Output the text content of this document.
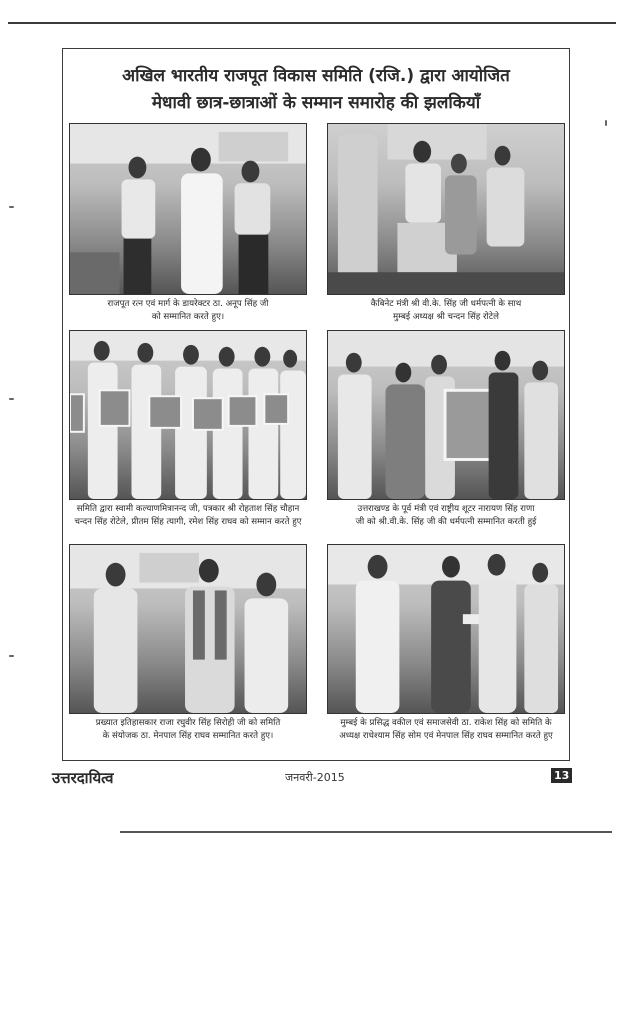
अखिल भारतीय राजपूत विकास समिति (रजि.) द्वारा आयोजित
मेधावी छात्र-छात्राओं के सम्मान समारोह की झलकियाँ
राजपूत रत्न एवं मार्ग के डायरेक्टर ठा. अनूप सिंह जी
को सम्मानित करते हुए।
कैबिनेट मंत्री श्री वी.के. सिंह जी धर्मपत्नी के साथ
मुम्बई अध्यक्ष श्री चन्दन सिंह रोटेले
समिति द्वारा स्वामी कल्याणमित्रानन्द जी, पत्रकार श्री रोहताश सिंह चौहान
चन्दन सिंह रोटेले, प्रीतम सिंह त्यागी, रमेश सिंह राघव को सम्मान करते हुए
उत्तराखण्ड के पूर्व मंत्री एवं राष्ट्रीय शूटर नारायण सिंह राणा
जी को श्री.वी.के. सिंह जी की धर्मपत्नी सम्मानित करती हुई
प्रख्यात इतिहासकार राजा रघुवीर सिंह सिरोही जी को समिति
के संयोजक ठा. मेनपाल सिंह राघव सम्मानित करते हुए।
मुम्बई के प्रसिद्ध वकील एवं समाजसेवी ठा. राकेश सिंह को समिति के
अध्यक्ष राधेश्याम सिंह सोम एवं मेनपाल सिंह राघव सम्मानित करते हुए
उत्तरदायित्व	जनवरी-2015	13
